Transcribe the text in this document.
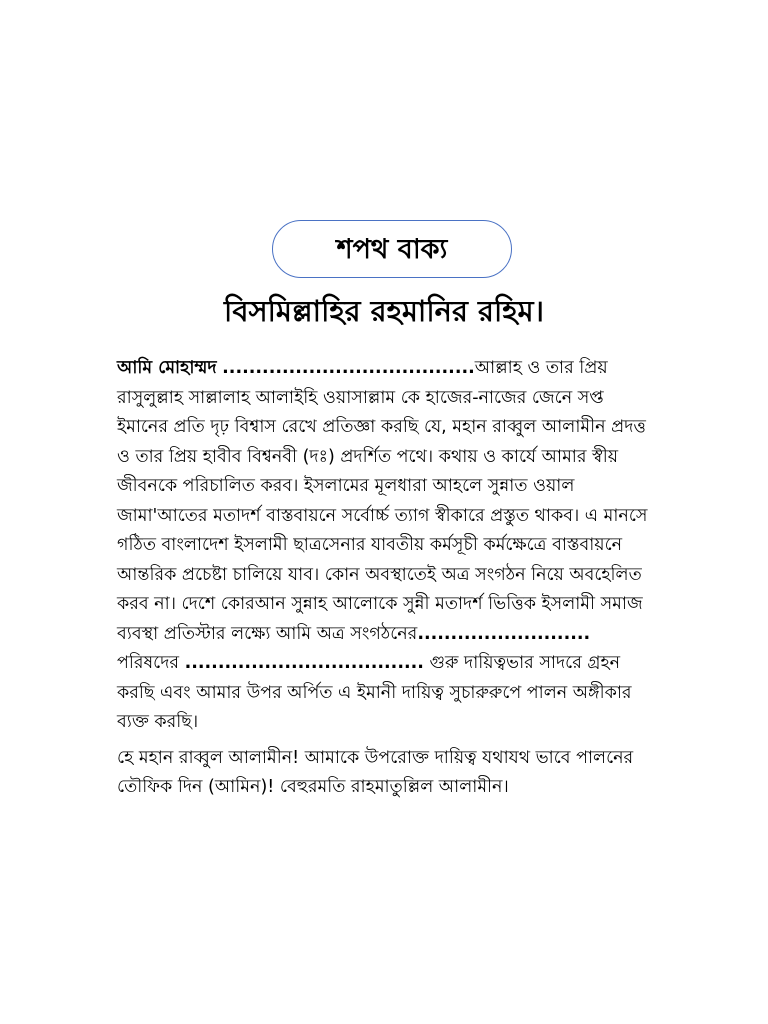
শপথ বাক্য
বিসমিল্লাহির রহমানির রহিম।

আমি মোহাম্মদ ......................................আল্লাহ ও তার প্রিয় রাসুলুল্লাহ সাল্লালাহ আলাইহি ওয়াসাল্লাম কে হাজের-নাজের জেনে সপ্ত ইমানের প্রতি দৃঢ় বিশ্বাস রেখে প্রতিজ্ঞা করছি যে, মহান রাব্বুল আলামীন প্রদত্ত ও তার প্রিয় হাবীব বিশ্বনবী (দঃ) প্রদর্শিত পথে। কথায় ও কার্যে আমার স্বীয় জীবনকে পরিচালিত করব। ইসলামের মূলধারা আহলে সুন্নাত ওয়াল জামা'আতের মতাদর্শ বাস্তবায়নে সর্বোর্চ্চ ত্যাগ স্বীকারে প্রস্তুত থাকব। এ মানসে গঠিত বাংলাদেশ ইসলামী ছাত্রসেনার যাবতীয় কর্মসূচী কর্মক্ষেত্রে বাস্তবায়নে আন্তরিক প্রচেষ্টা চালিয়ে যাব। কোন অবস্থাতেই অত্র সংগঠন নিয়ে অবহেলিত করব না। দেশে কোরআন সুন্নাহ আলোকে সুন্নী মতাদর্শ ভিত্তিক ইসলামী সমাজ ব্যবস্থা প্রতিস্টার লক্ষ্যে আমি অত্র সংগঠনের.......................... পরিষদের .................................... গুরু দায়িত্বভার সাদরে গ্রহন করছি এবং আমার উপর অর্পিত এ ইমানী দায়িত্ব সুচারুরুপে পালন অঙ্গীকার ব্যক্ত করছি।

হে মহান রাব্বুল আলামীন! আমাকে উপরোক্ত দায়িত্ব যথাযথ ভাবে পালনের তৌফিক দিন (আমিন)! বেহুরমতি রাহমাতুল্লিল আলামীন।
